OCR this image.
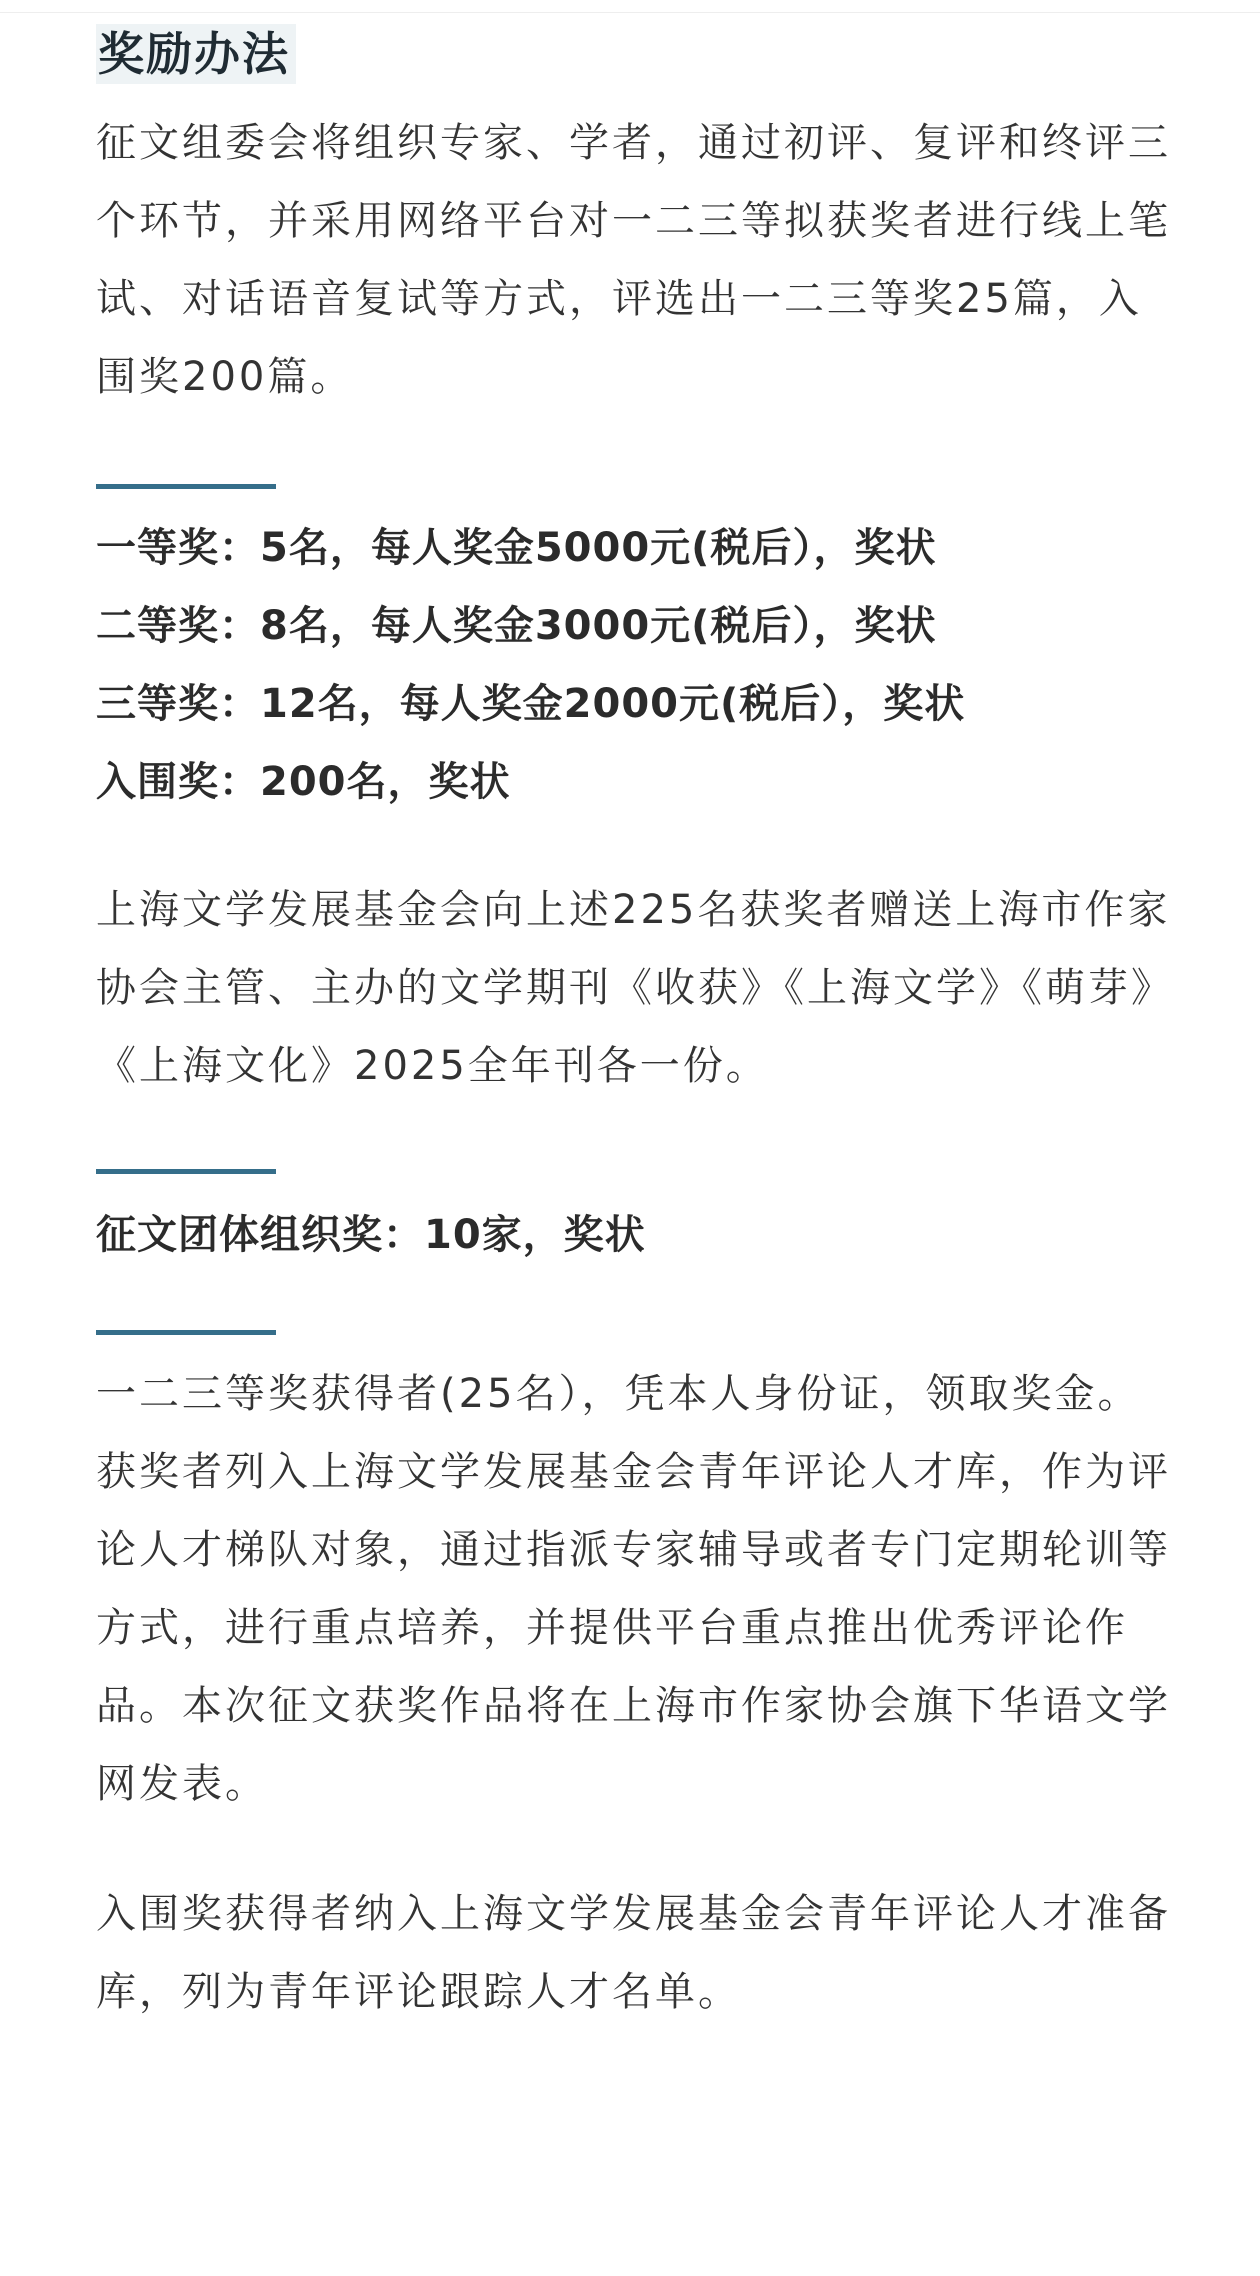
奖励办法

征文组委会将组织专家、学者，通过初评、复评和终评三个环节，并采用网络平台对一二三等拟获奖者进行线上笔试、对话语音复试等方式，评选出一二三等奖25篇，入围奖200篇。

一等奖：5名，每人奖金5000元(税后），奖状
二等奖：8名，每人奖金3000元(税后），奖状
三等奖：12名，每人奖金2000元(税后），奖状
入围奖：200名，奖状

上海文学发展基金会向上述225名获奖者赠送上海市作家协会主管、主办的文学期刊《收获》《上海文学》《萌芽》《上海文化》2025全年刊各一份。

征文团体组织奖：10家，奖状

一二三等奖获得者(25名），凭本人身份证，领取奖金。获奖者列入上海文学发展基金会青年评论人才库，作为评论人才梯队对象，通过指派专家辅导或者专门定期轮训等方式，进行重点培养，并提供平台重点推出优秀评论作品。本次征文获奖作品将在上海市作家协会旗下华语文学网发表。

入围奖获得者纳入上海文学发展基金会青年评论人才准备库，列为青年评论跟踪人才名单。
